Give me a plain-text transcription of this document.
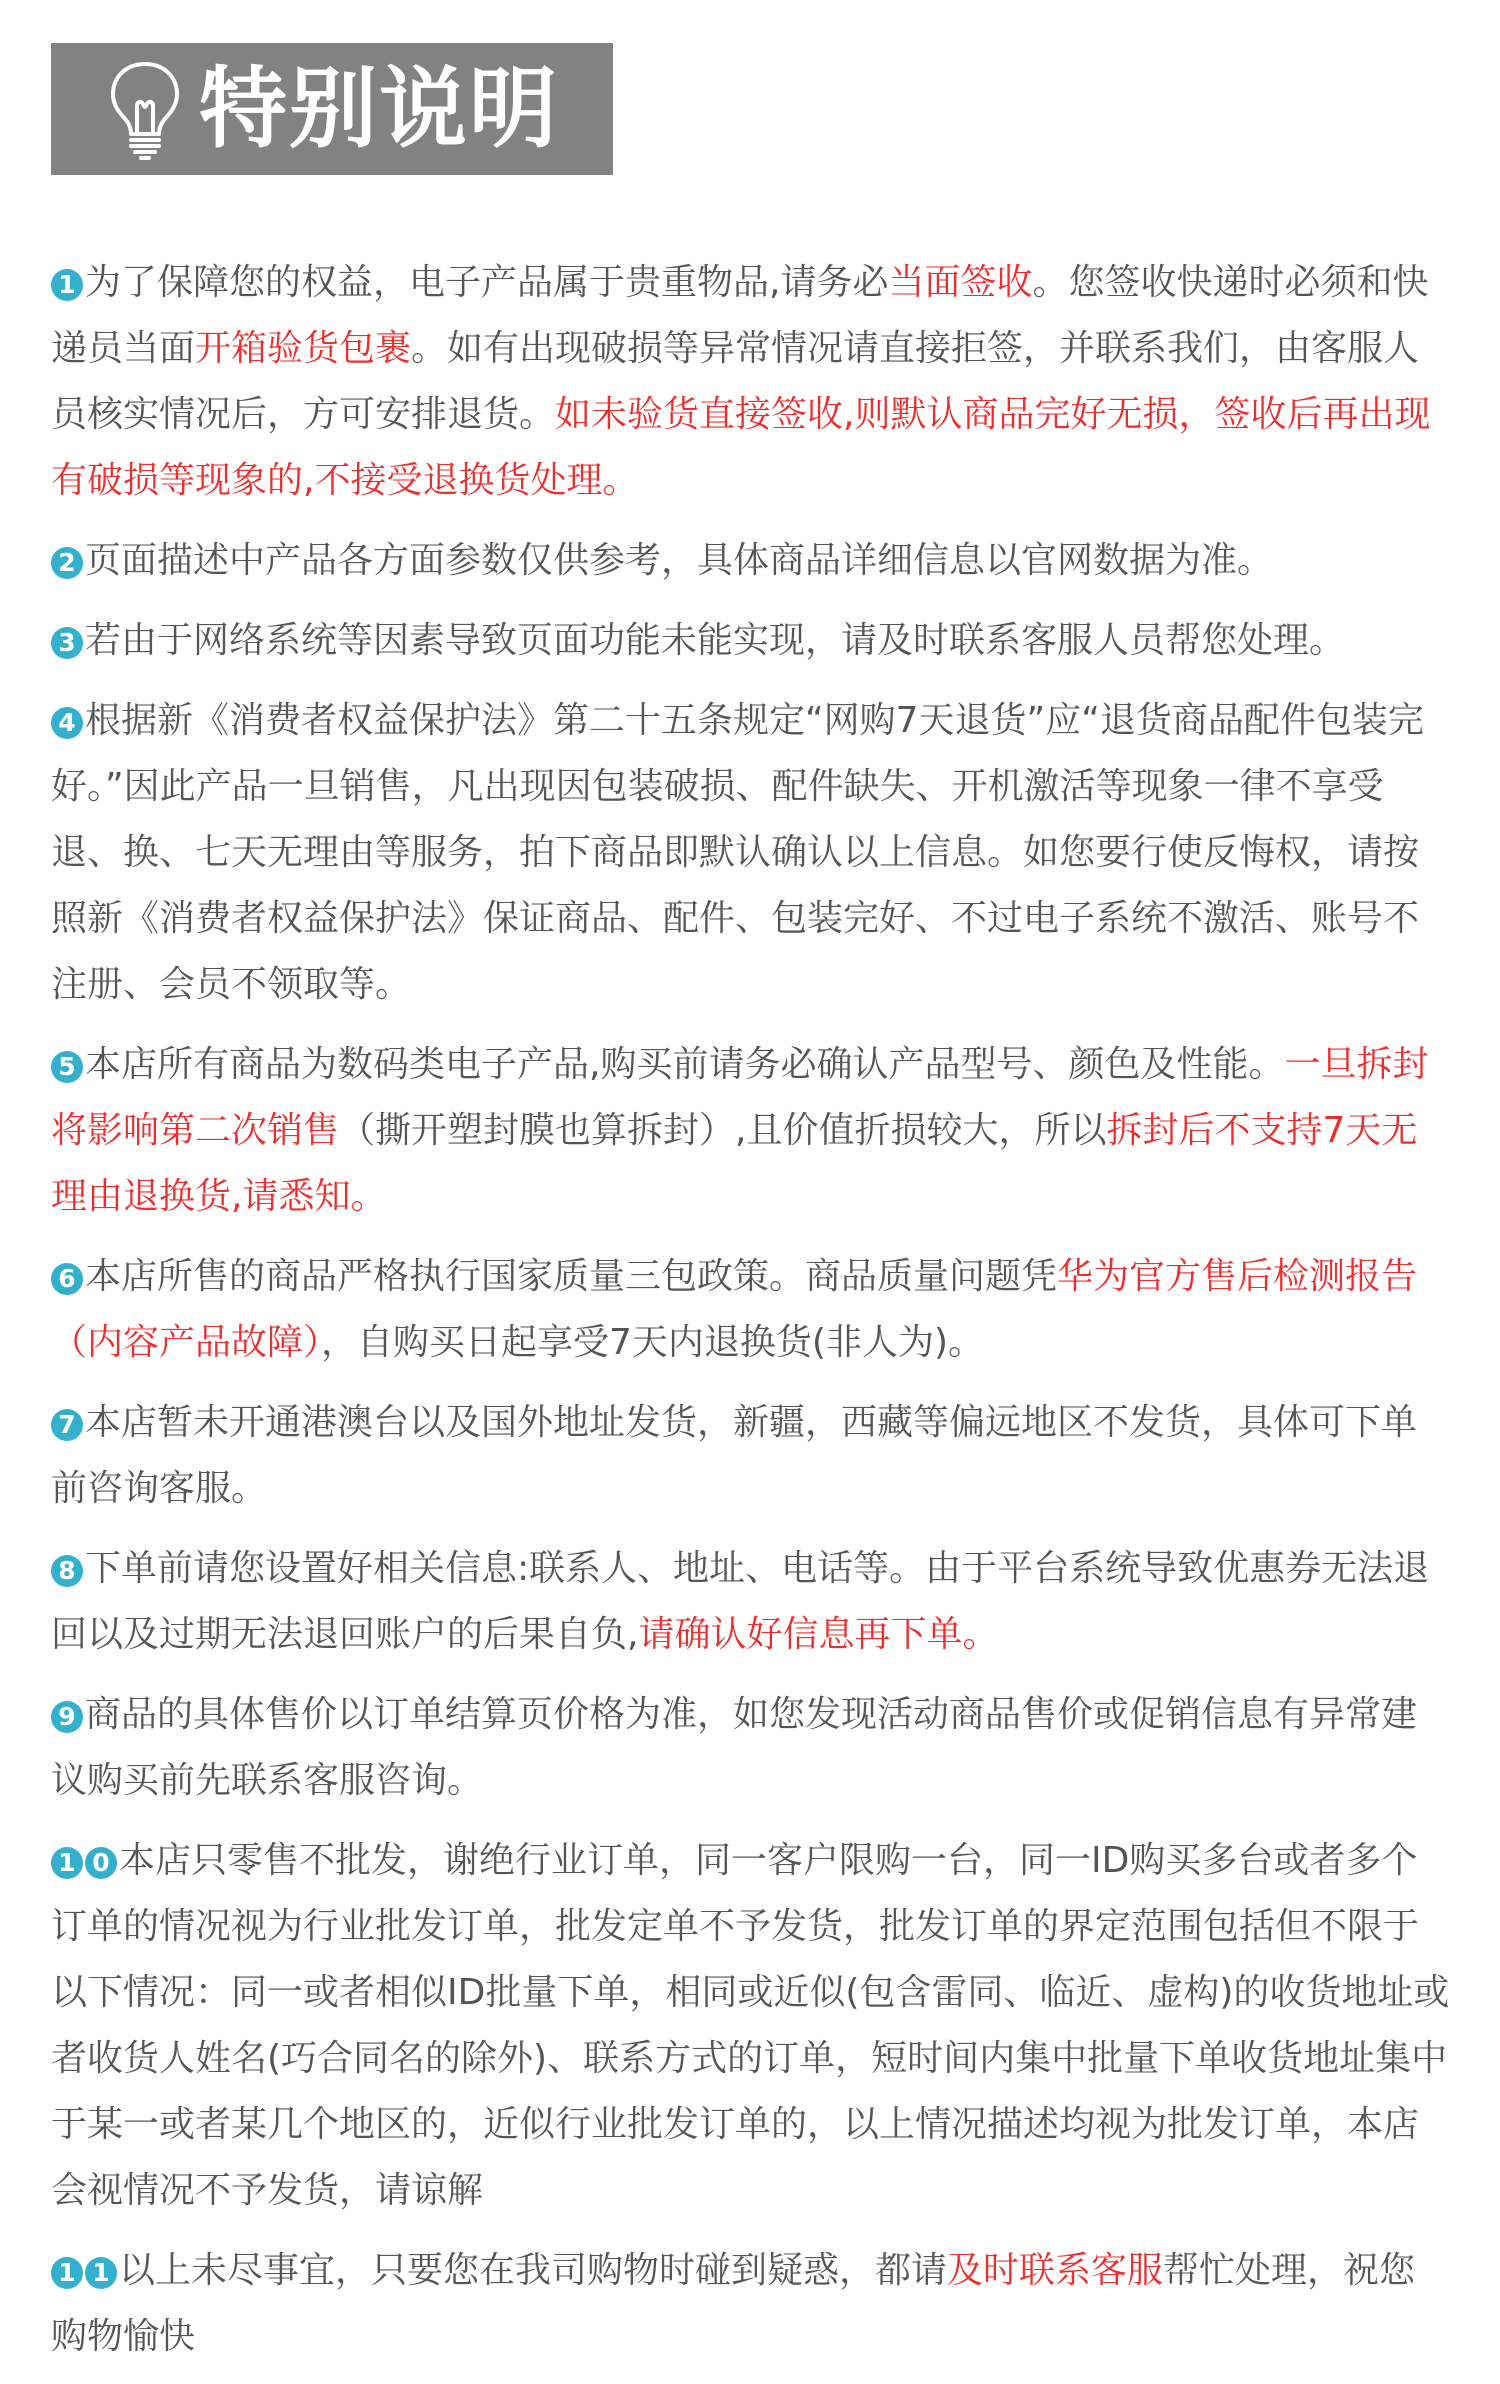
特别说明

1 为了保障您的权益，电子产品属于贵重物品,请务必当面签收。您签收快递时必须和快递员当面开箱验货包裹。如有出现破损等异常情况请直接拒签，并联系我们，由客服人员核实情况后，方可安排退货。如未验货直接签收,则默认商品完好无损，签收后再出现有破损等现象的,不接受退换货处理。

2 页面描述中产品各方面参数仅供参考，具体商品详细信息以官网数据为准。

3 若由于网络系统等因素导致页面功能未能实现，请及时联系客服人员帮您处理。

4 根据新《消费者权益保护法》第二十五条规定“网购7天退货”应“退货商品配件包装完好。”因此产品一旦销售，凡出现因包装破损、配件缺失、开机激活等现象一律不享受退、换、七天无理由等服务，拍下商品即默认确认以上信息。如您要行使反悔权，请按照新《消费者权益保护法》保证商品、配件、包装完好、不过电子系统不激活、账号不注册、会员不领取等。

5 本店所有商品为数码类电子产品,购买前请务必确认产品型号、颜色及性能。一旦拆封将影响第二次销售（撕开塑封膜也算拆封）,且价值折损较大，所以拆封后不支持7天无理由退换货,请悉知。

6 本店所售的商品严格执行国家质量三包政策。商品质量问题凭华为官方售后检测报告（内容产品故障），自购买日起享受7天内退换货(非人为)。

7 本店暂未开通港澳台以及国外地址发货，新疆，西藏等偏远地区不发货，具体可下单前咨询客服。

8 下单前请您设置好相关信息:联系人、地址、电话等。由于平台系统导致优惠券无法退回以及过期无法退回账户的后果自负,请确认好信息再下单。

9 商品的具体售价以订单结算页价格为准，如您发现活动商品售价或促销信息有异常建议购买前先联系客服咨询。

1 0 本店只零售不批发，谢绝行业订单，同一客户限购一台，同一ID购买多台或者多个订单的情况视为行业批发订单，批发定单不予发货，批发订单的界定范围包括但不限于以下情况：同一或者相似ID批量下单，相同或近似(包含雷同、临近、虚构)的收货地址或者收货人姓名(巧合同名的除外)、联系方式的订单，短时间内集中批量下单收货地址集中于某一或者某几个地区的，近似行业批发订单的，以上情况描述均视为批发订单，本店会视情况不予发货，请谅解

1 1 以上未尽事宜，只要您在我司购物时碰到疑惑，都请及时联系客服帮忙处理，祝您购物愉快
